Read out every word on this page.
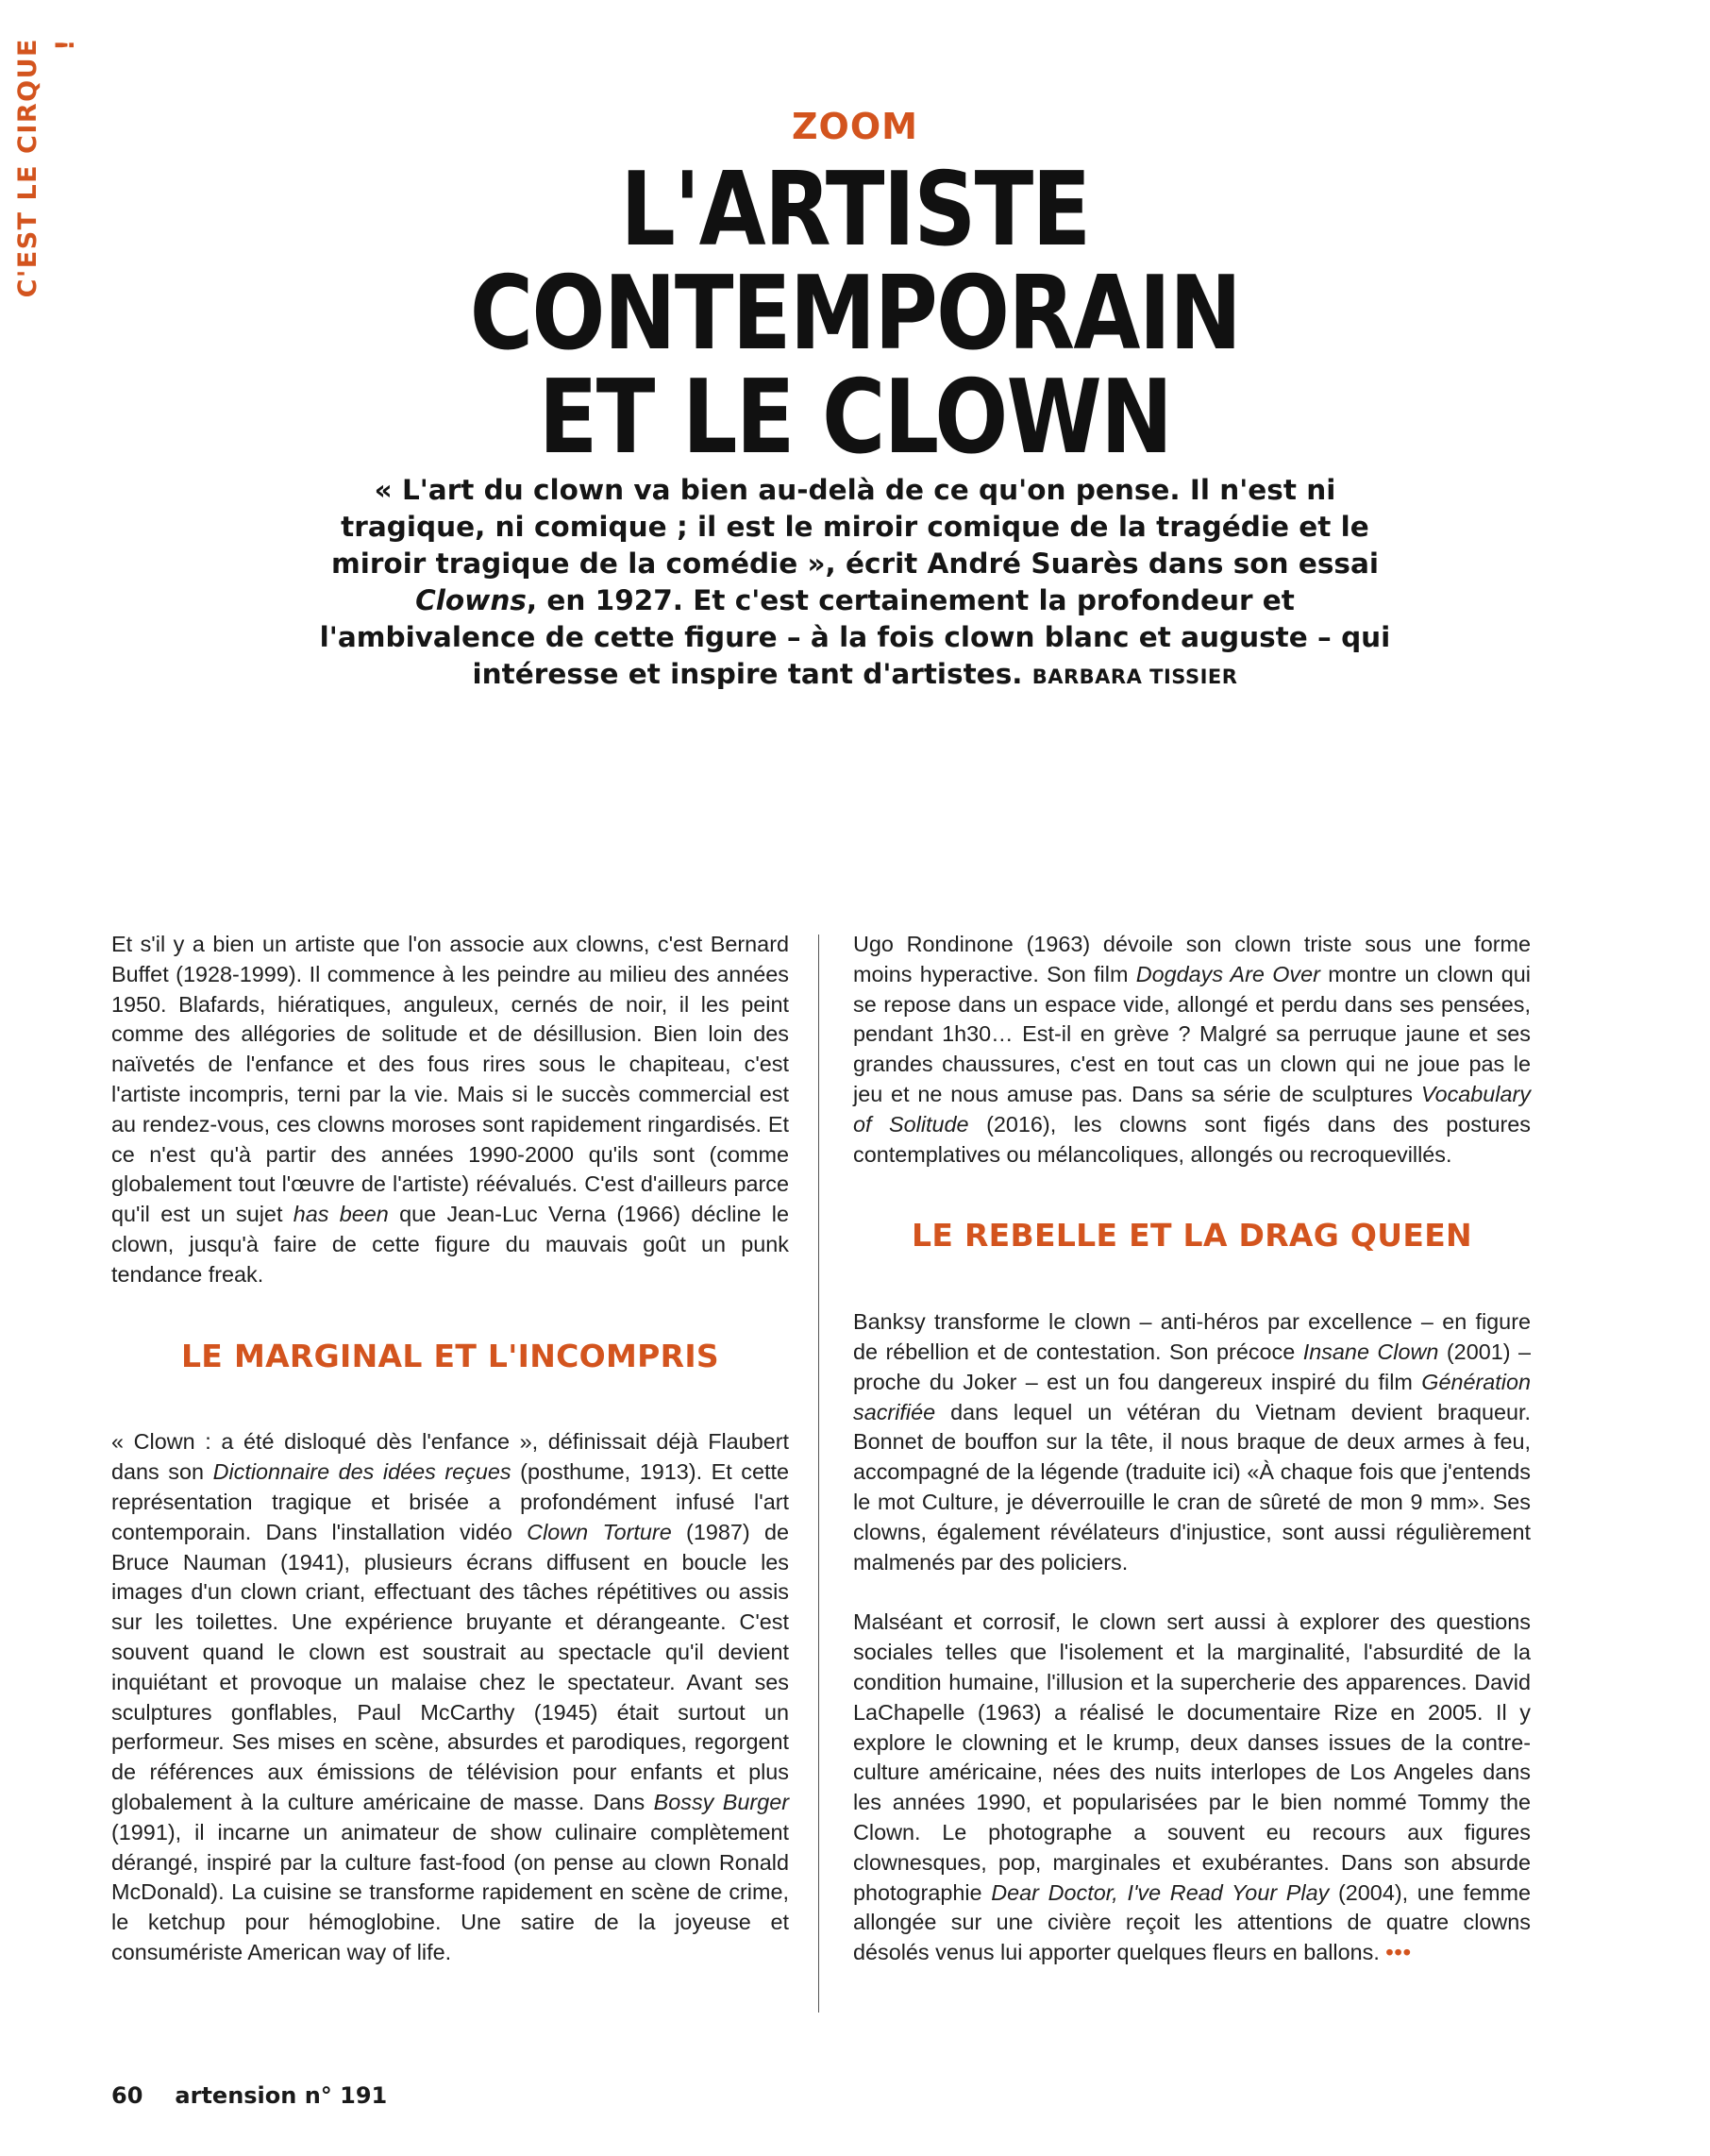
C'EST LE CIRQUE !
ZOOM
L'ARTISTE
CONTEMPORAIN
ET LE CLOWN
« L'art du clown va bien au-delà de ce qu'on pense. Il n'est ni tragique, ni comique ; il est le miroir comique de la tragédie et le miroir tragique de la comédie », écrit André Suarès dans son essai Clowns, en 1927. Et c'est certainement la profondeur et l'ambivalence de cette figure – à la fois clown blanc et auguste – qui intéresse et inspire tant d'artistes. BARBARA TISSIER

Et s'il y a bien un artiste que l'on associe aux clowns, c'est Bernard Buffet (1928-1999). Il commence à les peindre au milieu des années 1950. Blafards, hiératiques, anguleux, cernés de noir, il les peint comme des allégories de solitude et de désillusion. Bien loin des naïvetés de l'enfance et des fous rires sous le chapiteau, c'est l'artiste incompris, terni par la vie. Mais si le succès commercial est au rendez-vous, ces clowns moroses sont rapidement ringardisés. Et ce n'est qu'à partir des années 1990-2000 qu'ils sont (comme globalement tout l'œuvre de l'artiste) réévalués. C'est d'ailleurs parce qu'il est un sujet has been que Jean-Luc Verna (1966) décline le clown, jusqu'à faire de cette figure du mauvais goût un punk tendance freak.

LE MARGINAL ET L'INCOMPRIS

« Clown : a été disloqué dès l'enfance », définissait déjà Flaubert dans son Dictionnaire des idées reçues (posthume, 1913). Et cette représentation tragique et brisée a profondément infusé l'art contemporain. Dans l'installation vidéo Clown Torture (1987) de Bruce Nauman (1941), plusieurs écrans diffusent en boucle les images d'un clown criant, effectuant des tâches répétitives ou assis sur les toilettes. Une expérience bruyante et dérangeante. C'est souvent quand le clown est soustrait au spectacle qu'il devient inquiétant et provoque un malaise chez le spectateur. Avant ses sculptures gonflables, Paul McCarthy (1945) était surtout un performeur. Ses mises en scène, absurdes et parodiques, regorgent de références aux émissions de télévision pour enfants et plus globalement à la culture américaine de masse. Dans Bossy Burger (1991), il incarne un animateur de show culinaire complètement dérangé, inspiré par la culture fast-food (on pense au clown Ronald McDonald). La cuisine se transforme rapidement en scène de crime, le ketchup pour hémoglobine. Une satire de la joyeuse et consumériste American way of life.

Ugo Rondinone (1963) dévoile son clown triste sous une forme moins hyperactive. Son film Dogdays Are Over montre un clown qui se repose dans un espace vide, allongé et perdu dans ses pensées, pendant 1h30… Est-il en grève ? Malgré sa perruque jaune et ses grandes chaussures, c'est en tout cas un clown qui ne joue pas le jeu et ne nous amuse pas. Dans sa série de sculptures Vocabulary of Solitude (2016), les clowns sont figés dans des postures contemplatives ou mélancoliques, allongés ou recroquevillés.

LE REBELLE ET LA DRAG QUEEN

Banksy transforme le clown – anti-héros par excellence – en figure de rébellion et de contestation. Son précoce Insane Clown (2001) – proche du Joker – est un fou dangereux inspiré du film Génération sacrifiée dans lequel un vétéran du Vietnam devient braqueur. Bonnet de bouffon sur la tête, il nous braque de deux armes à feu, accompagné de la légende (traduite ici) «À chaque fois que j'entends le mot Culture, je déverrouille le cran de sûreté de mon 9 mm». Ses clowns, également révélateurs d'injustice, sont aussi régulièrement malmenés par des policiers.

Malséant et corrosif, le clown sert aussi à explorer des questions sociales telles que l'isolement et la marginalité, l'absurdité de la condition humaine, l'illusion et la supercherie des apparences. David LaChapelle (1963) a réalisé le documentaire Rize en 2005. Il y explore le clowning et le krump, deux danses issues de la contre-culture américaine, nées des nuits interlopes de Los Angeles dans les années 1990, et popularisées par le bien nommé Tommy the Clown. Le photographe a souvent eu recours aux figures clownesques, pop, marginales et exubérantes. Dans son absurde photographie Dear Doctor, I've Read Your Play (2004), une femme allongée sur une civière reçoit les attentions de quatre clowns désolés venus lui apporter quelques fleurs en ballons. •••

60 artension n° 191
